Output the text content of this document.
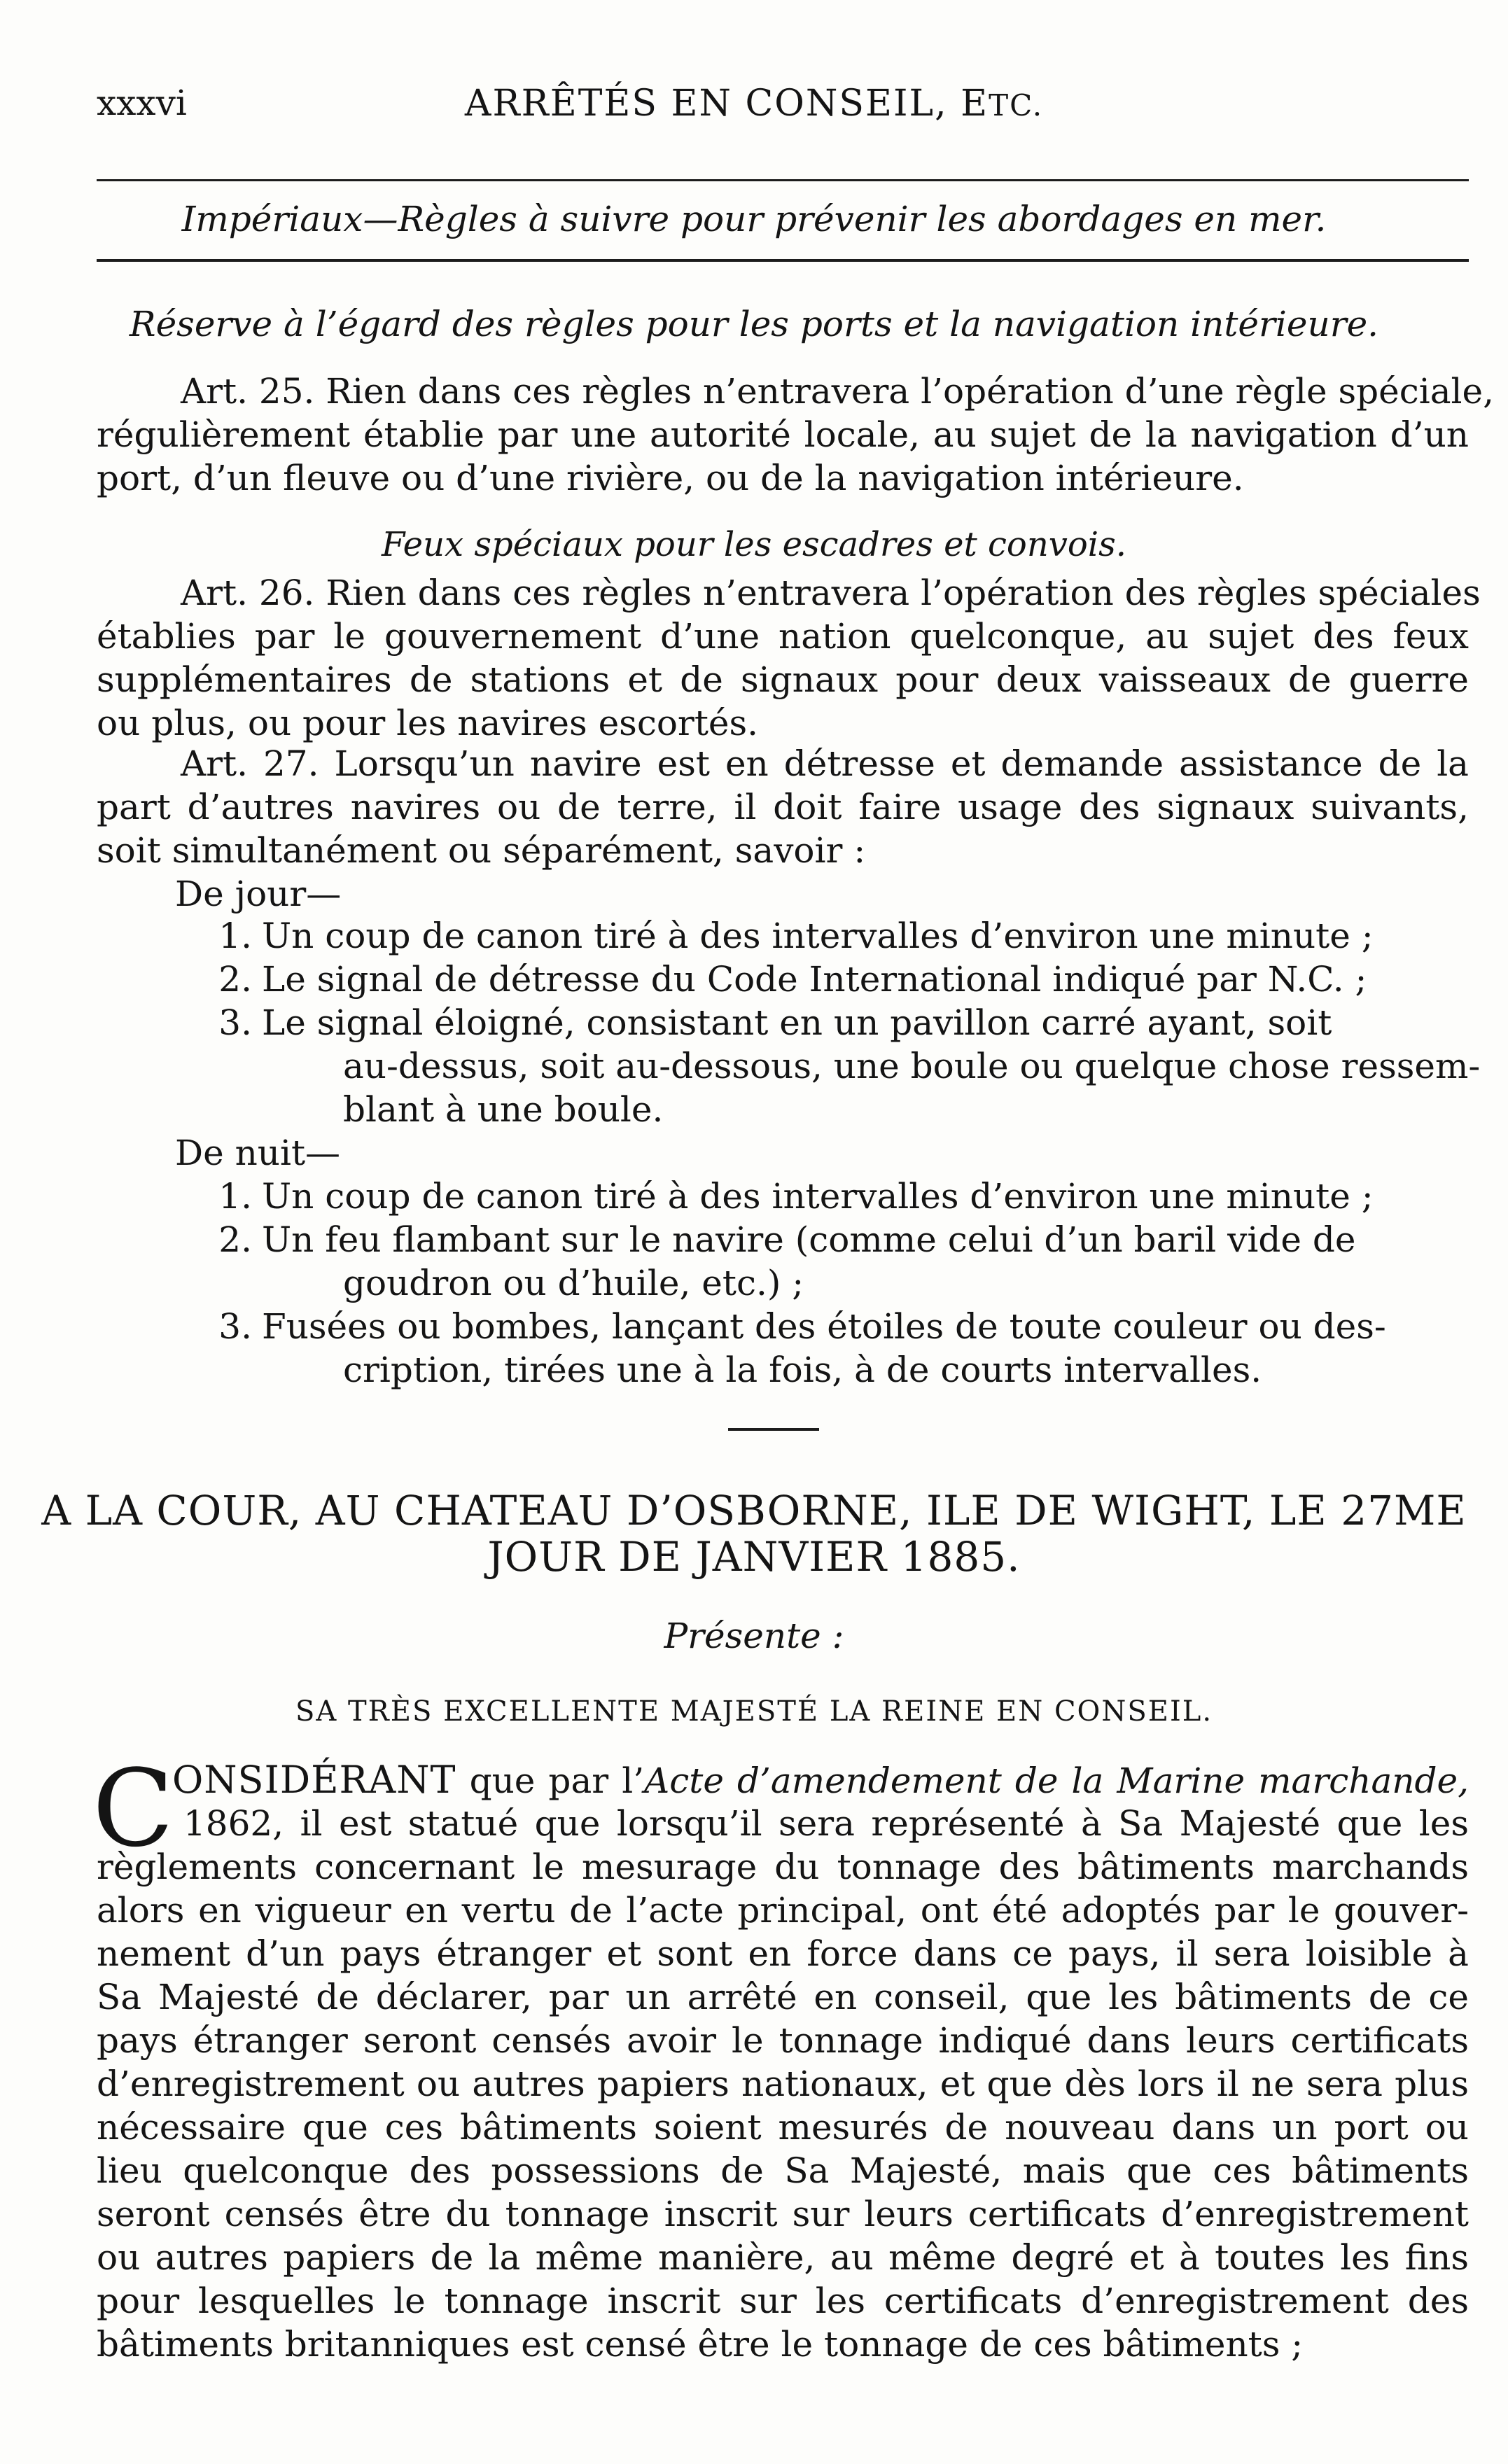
xxxvi	ARRÊTÉS EN CONSEIL, ETC.
Impériaux—Règles à suivre pour prévenir les abordages en mer.
Réserve à l’égard des règles pour les ports et la navigation intérieure.
Art. 25. Rien dans ces règles n’entravera l’opération d’une règle spéciale,
régulièrement établie par une autorité locale, au sujet de la navigation d’un
port, d’un fleuve ou d’une rivière, ou de la navigation intérieure.
Feux spéciaux pour les escadres et convois.
Art. 26. Rien dans ces règles n’entravera l’opération des règles spéciales
établies par le gouvernement d’une nation quelconque, au sujet des feux
supplémentaires de stations et de signaux pour deux vaisseaux de guerre
ou plus, ou pour les navires escortés.
Art. 27. Lorsqu’un navire est en détresse et demande assistance de la
part d’autres navires ou de terre, il doit faire usage des signaux suivants,
soit simultanément ou séparément, savoir :
De jour—
1. Un coup de canon tiré à des intervalles d’environ une minute ;
2. Le signal de détresse du Code International indiqué par N.C. ;
3. Le signal éloigné, consistant en un pavillon carré ayant, soit
au-dessus, soit au-dessous, une boule ou quelque chose ressem-
blant à une boule.
De nuit—
1. Un coup de canon tiré à des intervalles d’environ une minute ;
2. Un feu flambant sur le navire (comme celui d’un baril vide de
goudron ou d’huile, etc.) ;
3. Fusées ou bombes, lançant des étoiles de toute couleur ou des-
cription, tirées une à la fois, à de courts intervalles.
A LA COUR, AU CHATEAU D’OSBORNE, ILE DE WIGHT, LE 27ME
JOUR DE JANVIER 1885.
Présente :
SA TRÈS EXCELLENTE MAJESTÉ LA REINE EN CONSEIL.
C
ONSIDÉRANT que par l’Acte d’amendement de la Marine marchande,
1862, il est statué que lorsqu’il sera représenté à Sa Majesté que les
règlements concernant le mesurage du tonnage des bâtiments marchands
alors en vigueur en vertu de l’acte principal, ont été adoptés par le gouver-
nement d’un pays étranger et sont en force dans ce pays, il sera loisible à
Sa Majesté de déclarer, par un arrêté en conseil, que les bâtiments de ce
pays étranger seront censés avoir le tonnage indiqué dans leurs certificats
d’enregistrement ou autres papiers nationaux, et que dès lors il ne sera plus
nécessaire que ces bâtiments soient mesurés de nouveau dans un port ou
lieu quelconque des possessions de Sa Majesté, mais que ces bâtiments
seront censés être du tonnage inscrit sur leurs certificats d’enregistrement
ou autres papiers de la même manière, au même degré et à toutes les fins
pour lesquelles le tonnage inscrit sur les certificats d’enregistrement des
bâtiments britanniques est censé être le tonnage de ces bâtiments ;
